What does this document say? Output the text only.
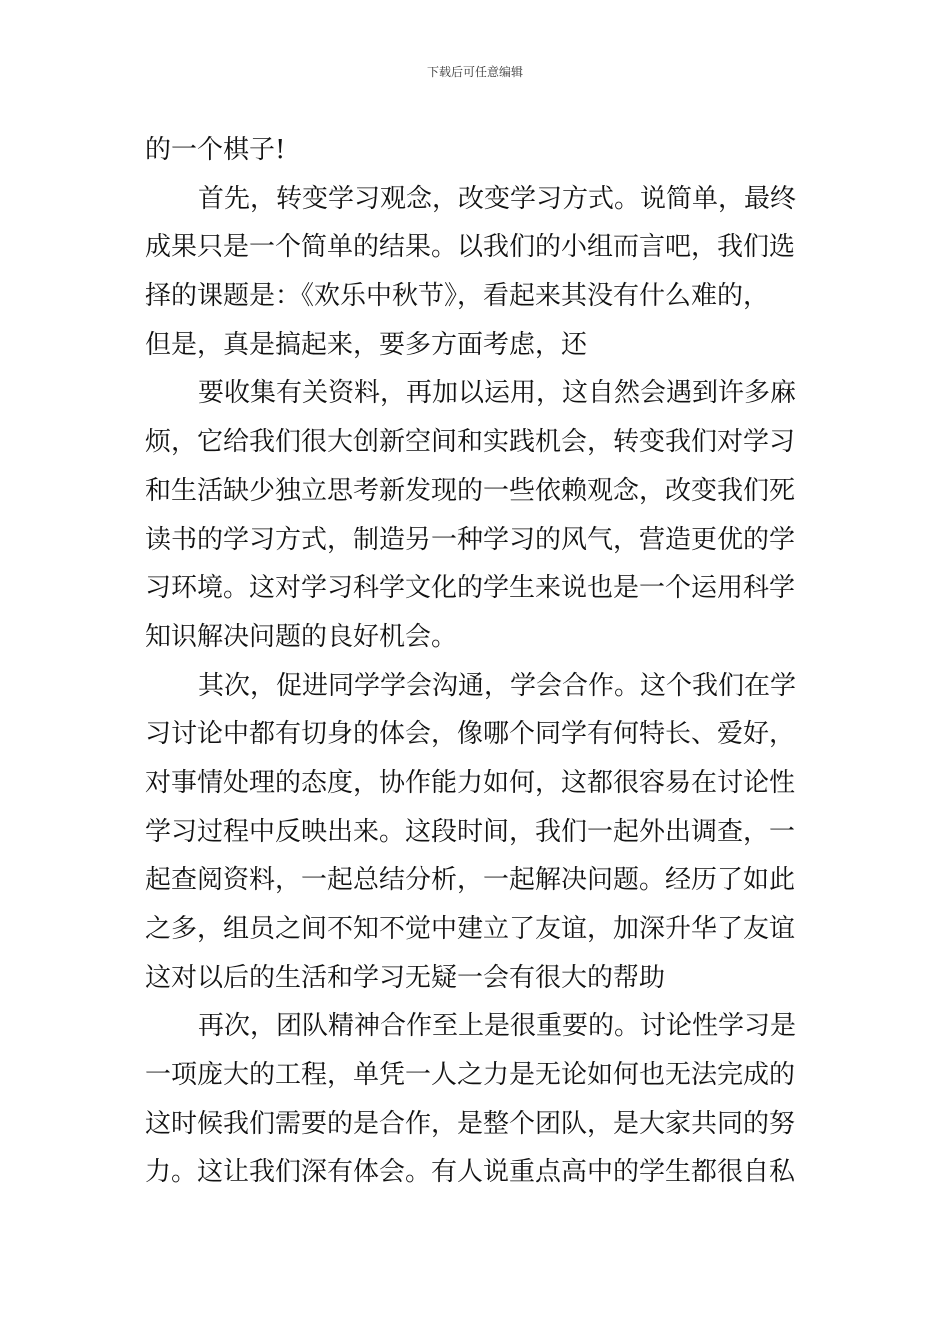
下载后可任意编辑
的一个棋子!
首先，转变学习观念，改变学习方式。说简单，最终
成果只是一个简单的结果。以我们的小组而言吧，我们选
择的课题是：《欢乐中秋节》，看起来其没有什么难的，
但是，真是搞起来，要多方面考虑，还
要收集有关资料，再加以运用，这自然会遇到许多麻
烦，它给我们很大创新空间和实践机会，转变我们对学习
和生活缺少独立思考新发现的一些依赖观念，改变我们死
读书的学习方式，制造另一种学习的风气，营造更优的学
习环境。这对学习科学文化的学生来说也是一个运用科学
知识解决问题的良好机会。
其次，促进同学学会沟通，学会合作。这个我们在学
习讨论中都有切身的体会，像哪个同学有何特长、爱好，
对事情处理的态度，协作能力如何，这都很容易在讨论性
学习过程中反映出来。这段时间，我们一起外出调查，一
起查阅资料，一起总结分析，一起解决问题。经历了如此
之多，组员之间不知不觉中建立了友谊，加深升华了友谊
这对以后的生活和学习无疑一会有很大的帮助
再次，团队精神合作至上是很重要的。讨论性学习是
一项庞大的工程，单凭一人之力是无论如何也无法完成的
这时候我们需要的是合作，是整个团队，是大家共同的努
力。这让我们深有体会。有人说重点高中的学生都很自私
